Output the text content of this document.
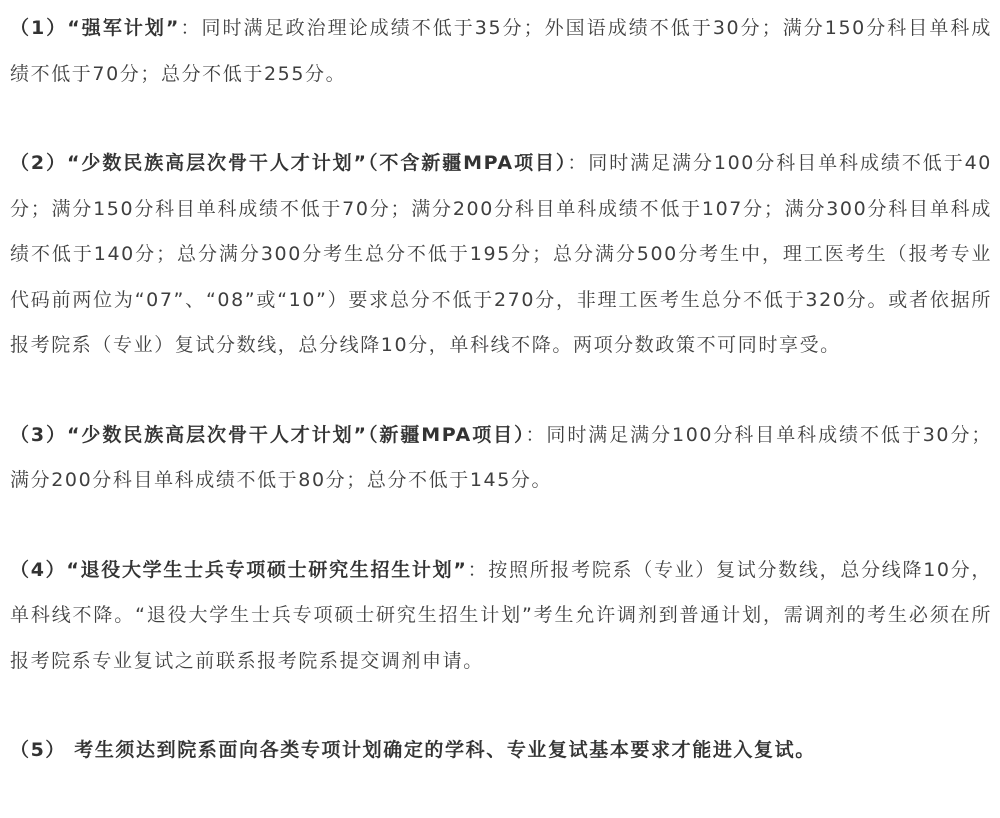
（1）“强军计划”：同时满足政治理论成绩不低于35分；外国语成绩不低于30分；满分150分科目单科成绩不低于70分；总分不低于255分。

（2）“少数民族高层次骨干人才计划”（不含新疆MPA项目）：同时满足满分100分科目单科成绩不低于40分；满分150分科目单科成绩不低于70分；满分200分科目单科成绩不低于107分；满分300分科目单科成绩不低于140分；总分满分300分考生总分不低于195分；总分满分500分考生中，理工医考生（报考专业代码前两位为“07”、“08”或“10”）要求总分不低于270分，非理工医考生总分不低于320分。或者依据所报考院系（专业）复试分数线，总分线降10分，单科线不降。两项分数政策不可同时享受。

（3）“少数民族高层次骨干人才计划”（新疆MPA项目）：同时满足满分100分科目单科成绩不低于30分；满分200分科目单科成绩不低于80分；总分不低于145分。

（4）“退役大学生士兵专项硕士研究生招生计划”：按照所报考院系（专业）复试分数线，总分线降10分，单科线不降。“退役大学生士兵专项硕士研究生招生计划”考生允许调剂到普通计划，需调剂的考生必须在所报考院系专业复试之前联系报考院系提交调剂申请。

（5） 考生须达到院系面向各类专项计划确定的学科、专业复试基本要求才能进入复试。
